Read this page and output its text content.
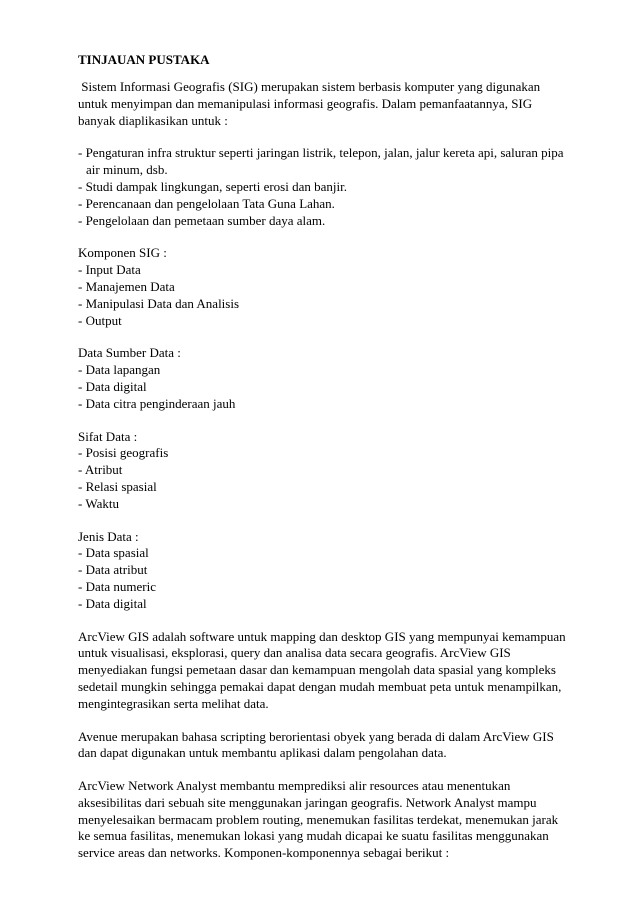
TINJAUAN PUSTAKA

Sistem Informasi Geografis (SIG) merupakan sistem berbasis komputer yang digunakan
untuk menyimpan dan memanipulasi informasi geografis. Dalam pemanfaatannya, SIG
banyak diaplikasikan untuk :
- Pengaturan infra struktur seperti jaringan listrik, telepon, jalan, jalur kereta api, saluran pipa
air minum, dsb.
- Studi dampak lingkungan, seperti erosi dan banjir.
- Perencanaan dan pengelolaan Tata Guna Lahan.
- Pengelolaan dan pemetaan sumber daya alam.
Komponen SIG :
- Input Data
- Manajemen Data
- Manipulasi Data dan Analisis
- Output
Data Sumber Data :
- Data lapangan
- Data digital
- Data citra penginderaan jauh
Sifat Data :
- Posisi geografis
- Atribut
- Relasi spasial
- Waktu
Jenis Data :
- Data spasial
- Data atribut
- Data numeric
- Data digital
ArcView GIS adalah software untuk mapping dan desktop GIS yang mempunyai kemampuan
untuk visualisasi, eksplorasi, query dan analisa data secara geografis. ArcView GIS
menyediakan fungsi pemetaan dasar dan kemampuan mengolah data spasial yang kompleks
sedetail mungkin sehingga pemakai dapat dengan mudah membuat peta untuk menampilkan,
mengintegrasikan serta melihat data.
Avenue merupakan bahasa scripting berorientasi obyek yang berada di dalam ArcView GIS
dan dapat digunakan untuk membantu aplikasi dalam pengolahan data.
ArcView Network Analyst membantu memprediksi alir resources atau menentukan
aksesibilitas dari sebuah site menggunakan jaringan geografis. Network Analyst mampu
menyelesaikan bermacam problem routing, menemukan fasilitas terdekat, menemukan jarak
ke semua fasilitas, menemukan lokasi yang mudah dicapai ke suatu fasilitas menggunakan
service areas dan networks. Komponen-komponennya sebagai berikut :
